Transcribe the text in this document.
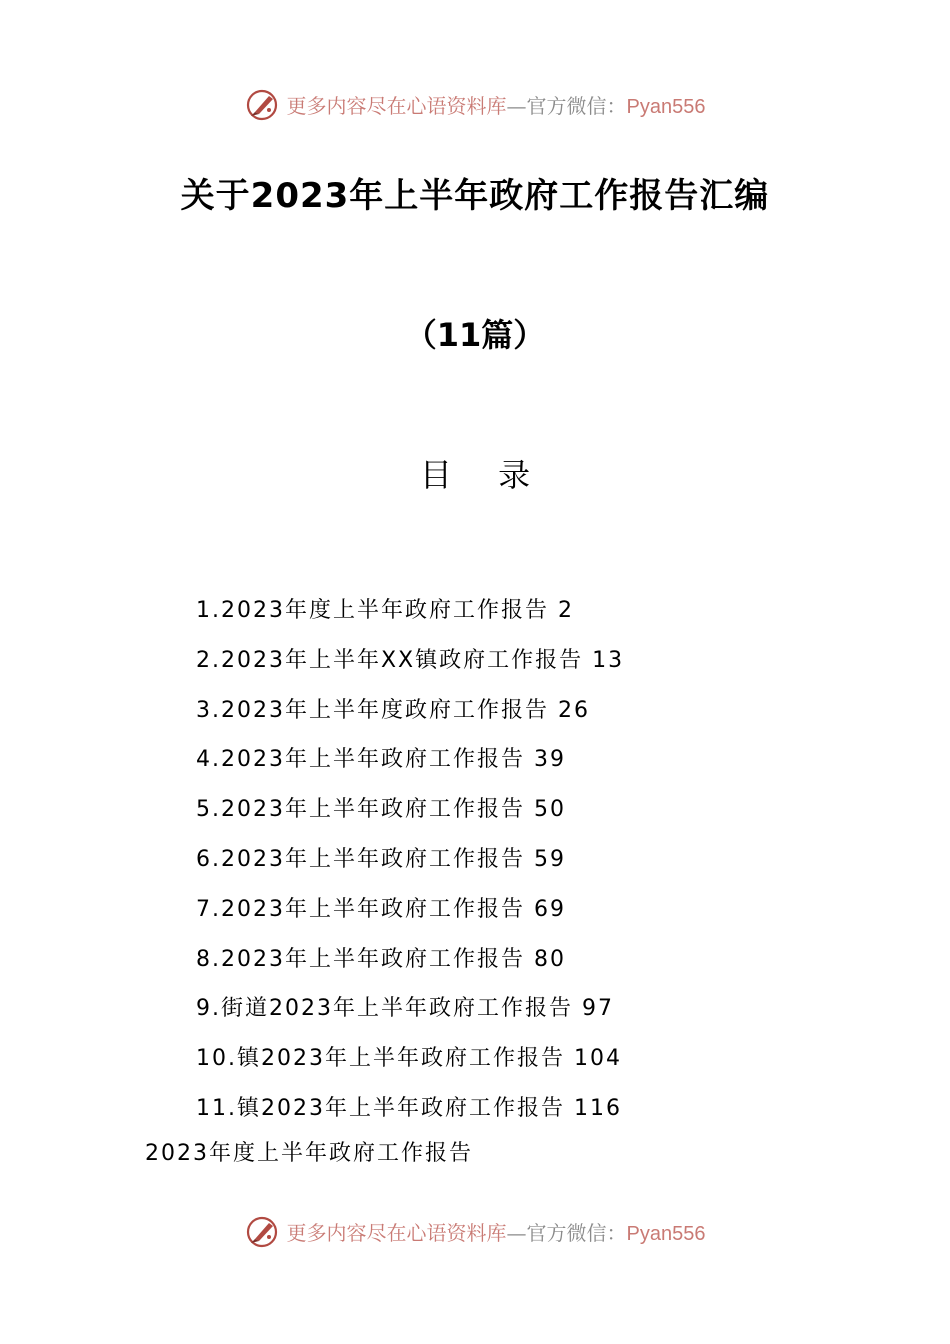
更多内容尽在心语资料库—官方微信：Pyan556
关于2023年上半年政府工作报告汇编
（11篇）
目 录
1.2023年度上半年政府工作报告 2
2.2023年上半年XX镇政府工作报告 13
3.2023年上半年度政府工作报告 26
4.2023年上半年政府工作报告 39
5.2023年上半年政府工作报告 50
6.2023年上半年政府工作报告 59
7.2023年上半年政府工作报告 69
8.2023年上半年政府工作报告 80
9.街道2023年上半年政府工作报告 97
10.镇2023年上半年政府工作报告 104
11.镇2023年上半年政府工作报告 116
2023年度上半年政府工作报告
更多内容尽在心语资料库—官方微信：Pyan556
